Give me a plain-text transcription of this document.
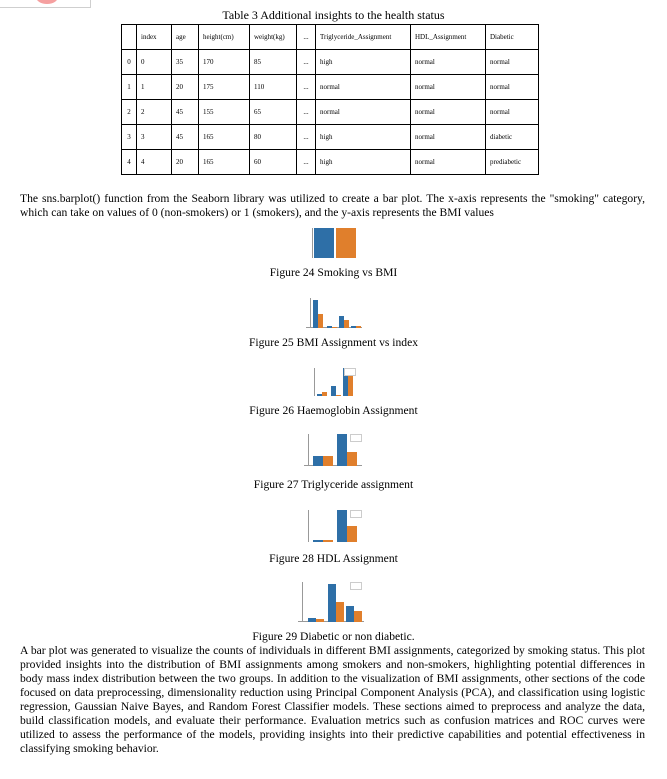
Table 3 Additional insights to the health status
	index	age	height(cm)	weight(kg)	...	Triglyceride_Assignment	HDL_Assignment	Diabetic
0	0	35	170	85	...	high	normal	normal
1	1	20	175	110	...	normal	normal	normal
2	2	45	155	65	...	normal	normal	normal
3	3	45	165	80	...	high	normal	diabetic
4	4	20	165	60	...	high	normal	prediabetic
The sns.barplot() function from the Seaborn library was utilized to create a bar plot. The x-axis represents the "smoking" category, which can take on values of 0 (non-smokers) or 1 (smokers), and the y-axis represents the BMI values
Figure 24 Smoking vs BMI
Figure 25 BMI Assignment vs index
Figure 26 Haemoglobin Assignment
Figure 27 Triglyceride assignment
Figure 28 HDL Assignment
Figure 29 Diabetic or non diabetic.
A bar plot was generated to visualize the counts of individuals in different BMI assignments, categorized by smoking status. This plot provided insights into the distribution of BMI assignments among smokers and non-smokers, highlighting potential differences in body mass index distribution between the two groups. In addition to the visualization of BMI assignments, other sections of the code focused on data preprocessing, dimensionality reduction using Principal Component Analysis (PCA), and classification using logistic regression, Gaussian Naive Bayes, and Random Forest Classifier models. These sections aimed to preprocess and analyze the data, build classification models, and evaluate their performance. Evaluation metrics such as confusion matrices and ROC curves were utilized to assess the performance of the models, providing insights into their predictive capabilities and potential effectiveness in classifying smoking behavior.
